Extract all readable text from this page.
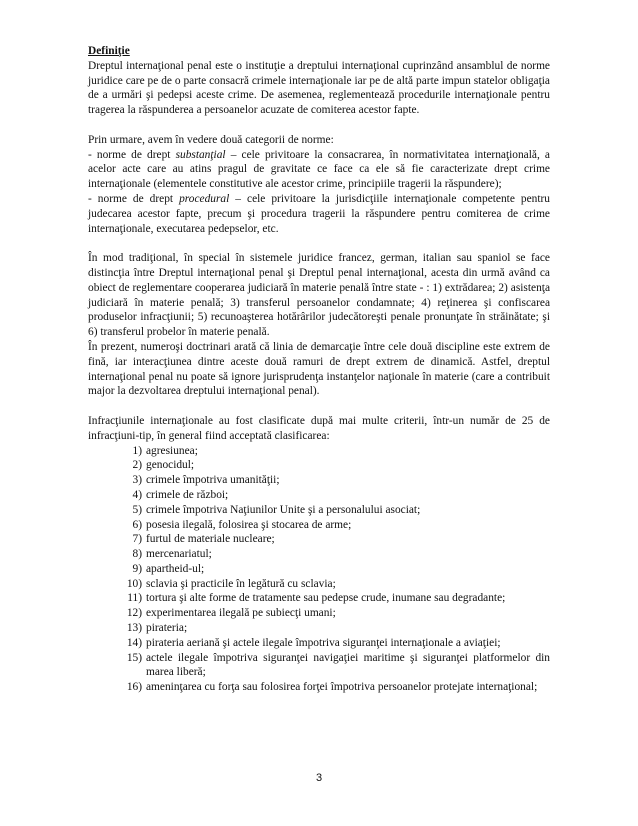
Definiţie

Dreptul internaţional penal este o instituţie a dreptului internaţional cuprinzând ansamblul de norme juridice care pe de o parte consacră crimele internaţionale iar pe de altă parte impun statelor obligaţia de a urmări şi pedepsi aceste crime. De asemenea, reglementează procedurile internaţionale pentru tragerea la răspunderea a persoanelor acuzate de comiterea acestor fapte.

Prin urmare, avem în vedere două categorii de norme:

- norme de drept substanţial – cele privitoare la consacrarea, în normativitatea internaţională, a acelor acte care au atins pragul de gravitate ce face ca ele să fie caracterizate drept crime internaţionale (elementele constitutive ale acestor crime, principiile tragerii la răspundere);

- norme de drept procedural – cele privitoare la jurisdicţiile internaţionale competente pentru judecarea acestor fapte, precum şi procedura tragerii la răspundere pentru comiterea de crime internaţionale, executarea pedepselor, etc.

În mod tradiţional, în special în sistemele juridice francez, german, italian sau spaniol se face distincţia între Dreptul internaţional penal şi Dreptul penal internaţional, acesta din urmă având ca obiect de reglementare cooperarea judiciară în materie penală între state - : 1) extrădarea; 2) asistenţa judiciară în materie penală; 3) transferul persoanelor condamnate; 4) reţinerea şi confiscarea produselor infracţiunii; 5) recunoaşterea hotărârilor judecătoreşti penale pronunţate în străinătate; şi 6) transferul probelor în materie penală.

În prezent, numeroşi doctrinari arată că linia de demarcaţie între cele două discipline este extrem de fină, iar interacţiunea dintre aceste două ramuri de drept extrem de dinamică. Astfel, dreptul internaţional penal nu poate să ignore jurisprudenţa instanţelor naţionale în materie (care a contribuit major la dezvoltarea dreptului internaţional penal).

Infracţiunile internaţionale au fost clasificate după mai multe criterii, într-un număr de 25 de infracţiuni-tip, în general fiind acceptată clasificarea:

1) agresiunea;
2) genocidul;
3) crimele împotriva umanităţii;
4) crimele de război;
5) crimele împotriva Naţiunilor Unite şi a personalului asociat;
6) posesia ilegală, folosirea şi stocarea de arme;
7) furtul de materiale nucleare;
8) mercenariatul;
9) apartheid-ul;
10) sclavia şi practicile în legătură cu sclavia;
11) tortura şi alte forme de tratamente sau pedepse crude, inumane sau degradante;
12) experimentarea ilegală pe subiecţi umani;
13) pirateria;
14) pirateria aeriană şi actele ilegale împotriva siguranţei internaţionale a aviaţiei;
15) actele ilegale împotriva siguranţei navigaţiei maritime şi siguranţei platformelor din marea liberă;
16) ameninţarea cu forţa sau folosirea forţei împotriva persoanelor protejate internaţional;
3
